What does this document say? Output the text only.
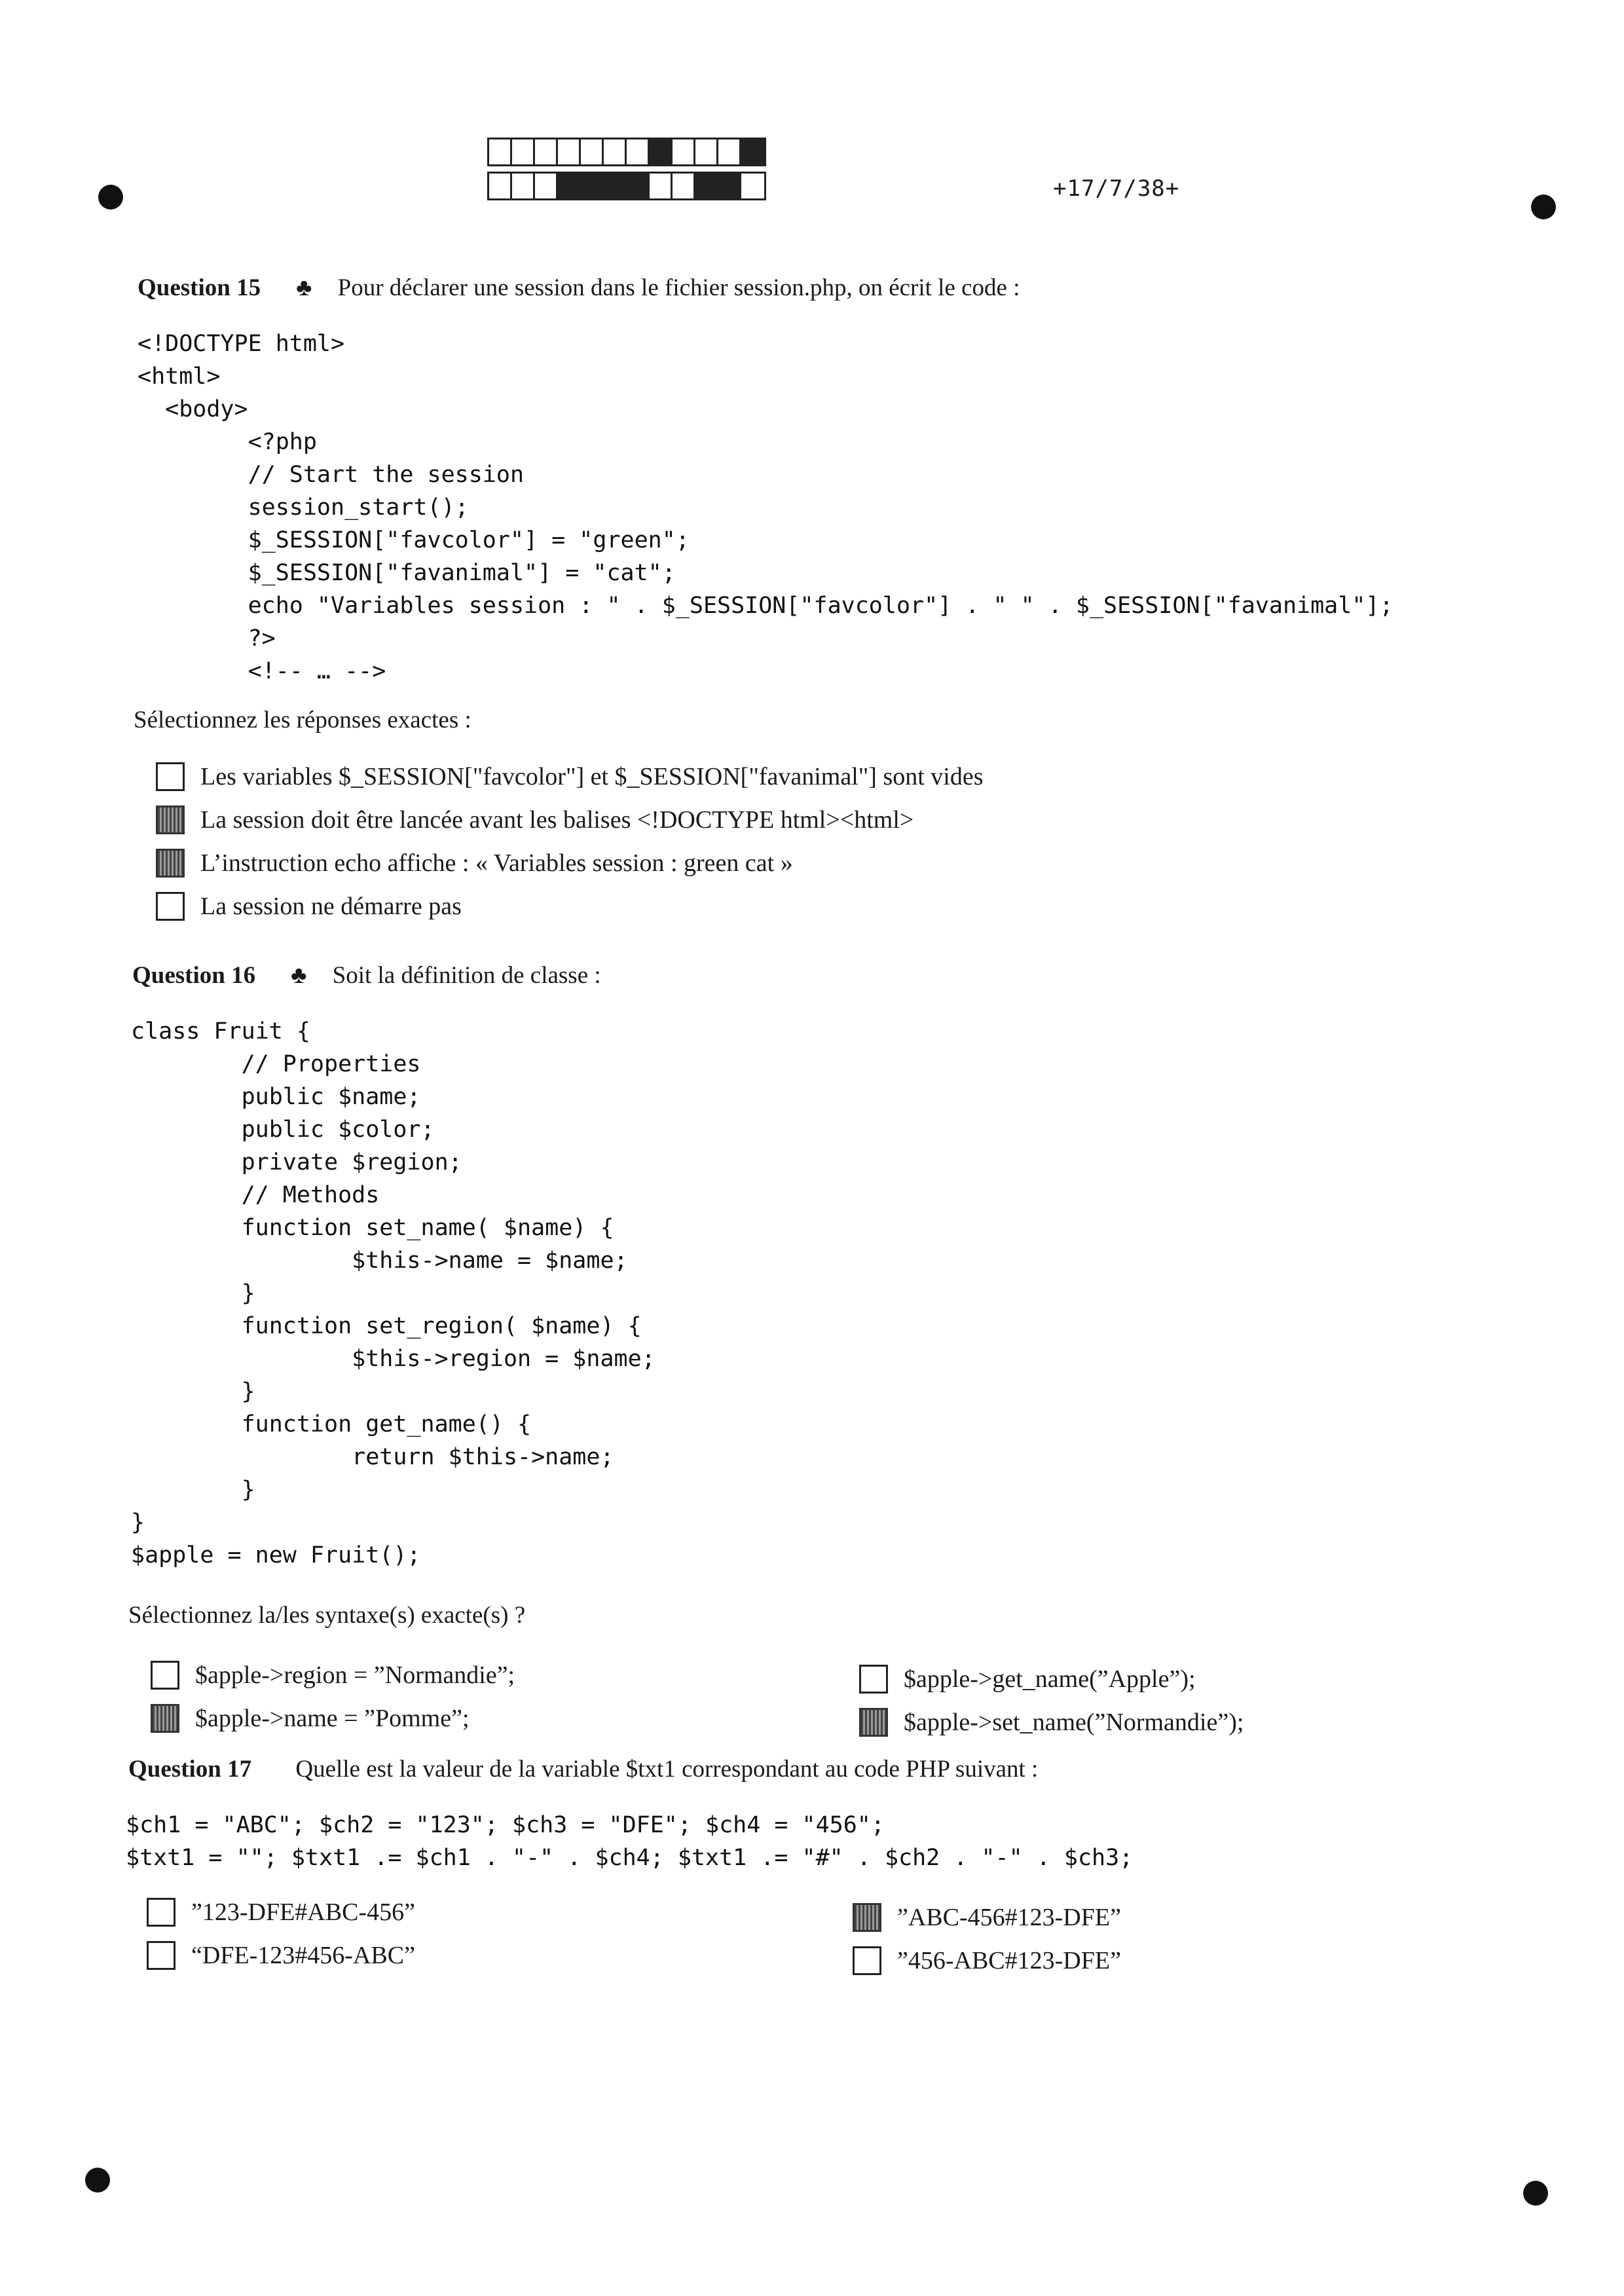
+17/7/38+
Question 15 ♣ Pour déclarer une session dans le fichier session.php, on écrit le code :
<!DOCTYPE html>
<html>
<body>
<?php
// Start the session
session_start();
$_SESSION["favcolor"] = "green";
$_SESSION["favanimal"] = "cat";
echo "Variables session : " . $_SESSION["favcolor"] . " " . $_SESSION["favanimal"];
?>
<!-- … -->
Sélectionnez les réponses exactes :
Les variables $_SESSION["favcolor"] et $_SESSION["favanimal"] sont vides
La session doit être lancée avant les balises <!DOCTYPE html><html>
L’instruction echo affiche : « Variables session : green cat »
La session ne démarre pas
Question 16 ♣ Soit la définition de classe :
class Fruit {
// Properties
public $name;
public $color;
private $region;
// Methods
function set_name( $name) {
$this->name = $name;
}
function set_region( $name) {
$this->region = $name;
}
function get_name() {
return $this->name;
}
}
$apple = new Fruit();
Sélectionnez la/les syntaxe(s) exacte(s) ?
$apple->region = ”Normandie”;
$apple->name = ”Pomme”;
$apple->get_name(”Apple”);
$apple->set_name(”Normandie”);
Question 17 Quelle est la valeur de la variable $txt1 correspondant au code PHP suivant :
$ch1 = "ABC"; $ch2 = "123"; $ch3 = "DFE"; $ch4 = "456";
$txt1 = ""; $txt1 .= $ch1 . "-" . $ch4; $txt1 .= "#" . $ch2 . "-" . $ch3;
”123-DFE#ABC-456”
“DFE-123#456-ABC”
”ABC-456#123-DFE”
”456-ABC#123-DFE”
